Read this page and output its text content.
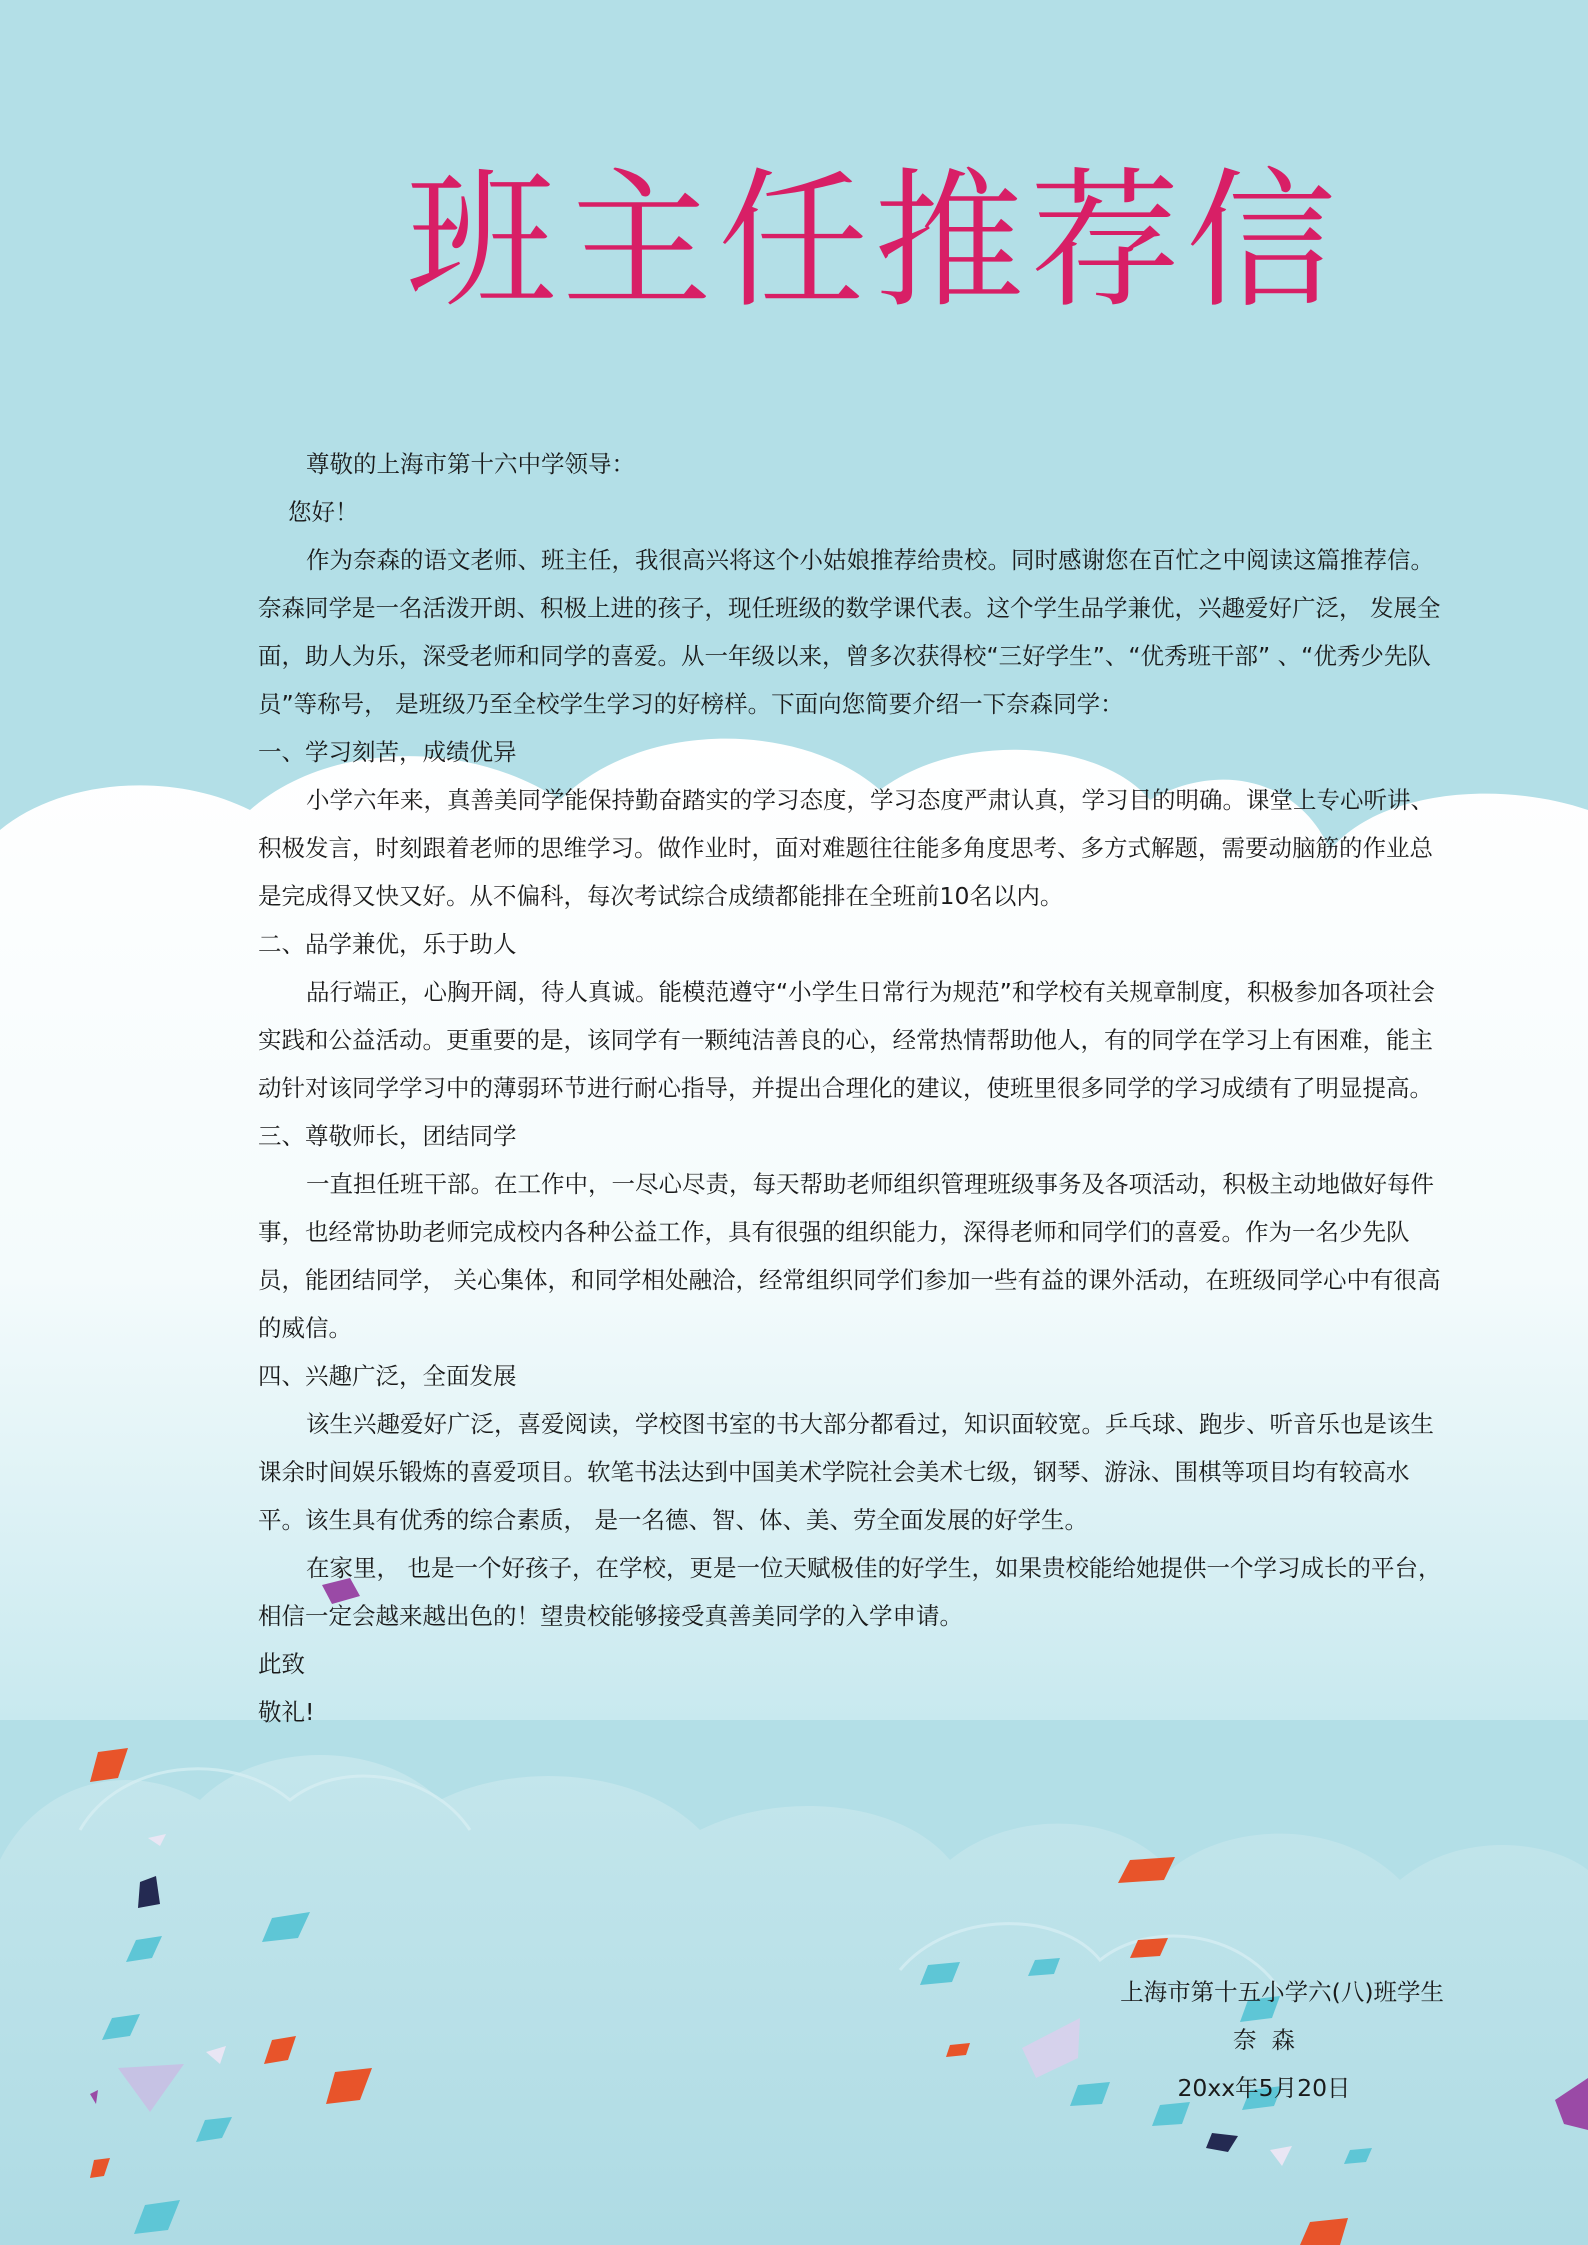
班主任推荐信

尊敬的上海市第十六中学领导：

您好！

作为奈森的语文老师、班主任，我很高兴将这个小姑娘推荐给贵校。同时感谢您在百忙之中阅读这篇推荐信。

奈森同学是一名活泼开朗、积极上进的孩子，现任班级的数学课代表。这个学生品学兼优，兴趣爱好广泛， 发展全面，助人为乐，深受老师和同学的喜爱。从一年级以来，曾多次获得校“三好学生”、“优秀班干部” 、“优秀少先队员”等称号， 是班级乃至全校学生学习的好榜样。下面向您简要介绍一下奈森同学：

一、学习刻苦，成绩优异

小学六年来，真善美同学能保持勤奋踏实的学习态度，学习态度严肃认真，学习目的明确。课堂上专心听讲、积极发言，时刻跟着老师的思维学习。做作业时，面对难题往往能多角度思考、多方式解题，需要动脑筋的作业总是完成得又快又好。从不偏科，每次考试综合成绩都能排在全班前10名以内。

二、品学兼优，乐于助人

品行端正，心胸开阔，待人真诚。能模范遵守“小学生日常行为规范”和学校有关规章制度，积极参加各项社会实践和公益活动。更重要的是，该同学有一颗纯洁善良的心，经常热情帮助他人，有的同学在学习上有困难，能主动针对该同学学习中的薄弱环节进行耐心指导，并提出合理化的建议，使班里很多同学的学习成绩有了明显提高。

三、尊敬师长，团结同学

一直担任班干部。在工作中，一尽心尽责，每天帮助老师组织管理班级事务及各项活动，积极主动地做好每件事，也经常协助老师完成校内各种公益工作，具有很强的组织能力，深得老师和同学们的喜爱。作为一名少先队员，能团结同学， 关心集体，和同学相处融洽，经常组织同学们参加一些有益的课外活动，在班级同学心中有很高的威信。

四、兴趣广泛，全面发展

该生兴趣爱好广泛，喜爱阅读，学校图书室的书大部分都看过，知识面较宽。乒乓球、跑步、听音乐也是该生课余时间娱乐锻炼的喜爱项目。软笔书法达到中国美术学院社会美术七级，钢琴、游泳、围棋等项目均有较高水平。该生具有优秀的综合素质， 是一名德、智、体、美、劳全面发展的好学生。

在家里， 也是一个好孩子，在学校，更是一位天赋极佳的好学生，如果贵校能给她提供一个学习成长的平台， 相信一定会越来越出色的！望贵校能够接受真善美同学的入学申请。

此致

敬礼!

上海市第十五小学六(八)班学生

奈  森

20xx年5月20日
